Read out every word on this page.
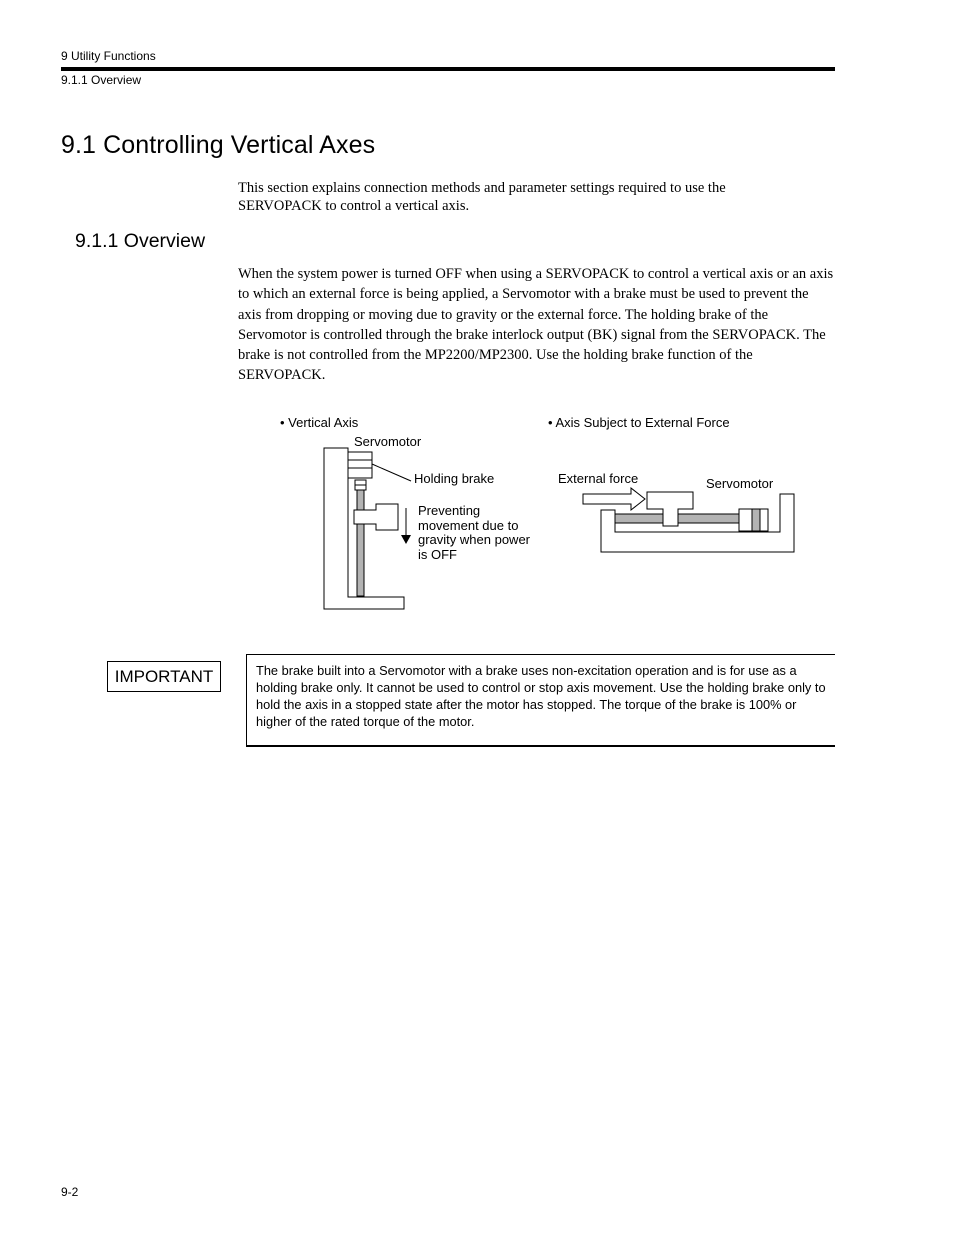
9 Utility Functions
9.1.1 Overview
9.1 Controlling Vertical Axes

This section explains connection methods and parameter settings required to use the SERVOPACK to control a vertical axis.

9.1.1 Overview

When the system power is turned OFF when using a SERVOPACK to control a vertical axis or an axis to which an external force is being applied, a Servomotor with a brake must be used to prevent the axis from dropping or moving due to gravity or the external force. The holding brake of the Servomotor is controlled through the brake interlock output (BK) signal from the SERVOPACK. The brake is not controlled from the MP2200/MP2300. Use the holding brake function of the SERVOPACK.

• Vertical Axis	• Axis Subject to External Force
Servomotor
Holding brake
Preventing
movement due to
gravity when power
is OFF
External force	Servomotor
IMPORTANT	The brake built into a Servomotor with a brake uses non-excitation operation and is for use as a holding brake only. It cannot be used to control or stop axis movement. Use the holding brake only to hold the axis in a stopped state after the motor has stopped. The torque of the brake is 100% or higher of the rated torque of the motor.

9-2
